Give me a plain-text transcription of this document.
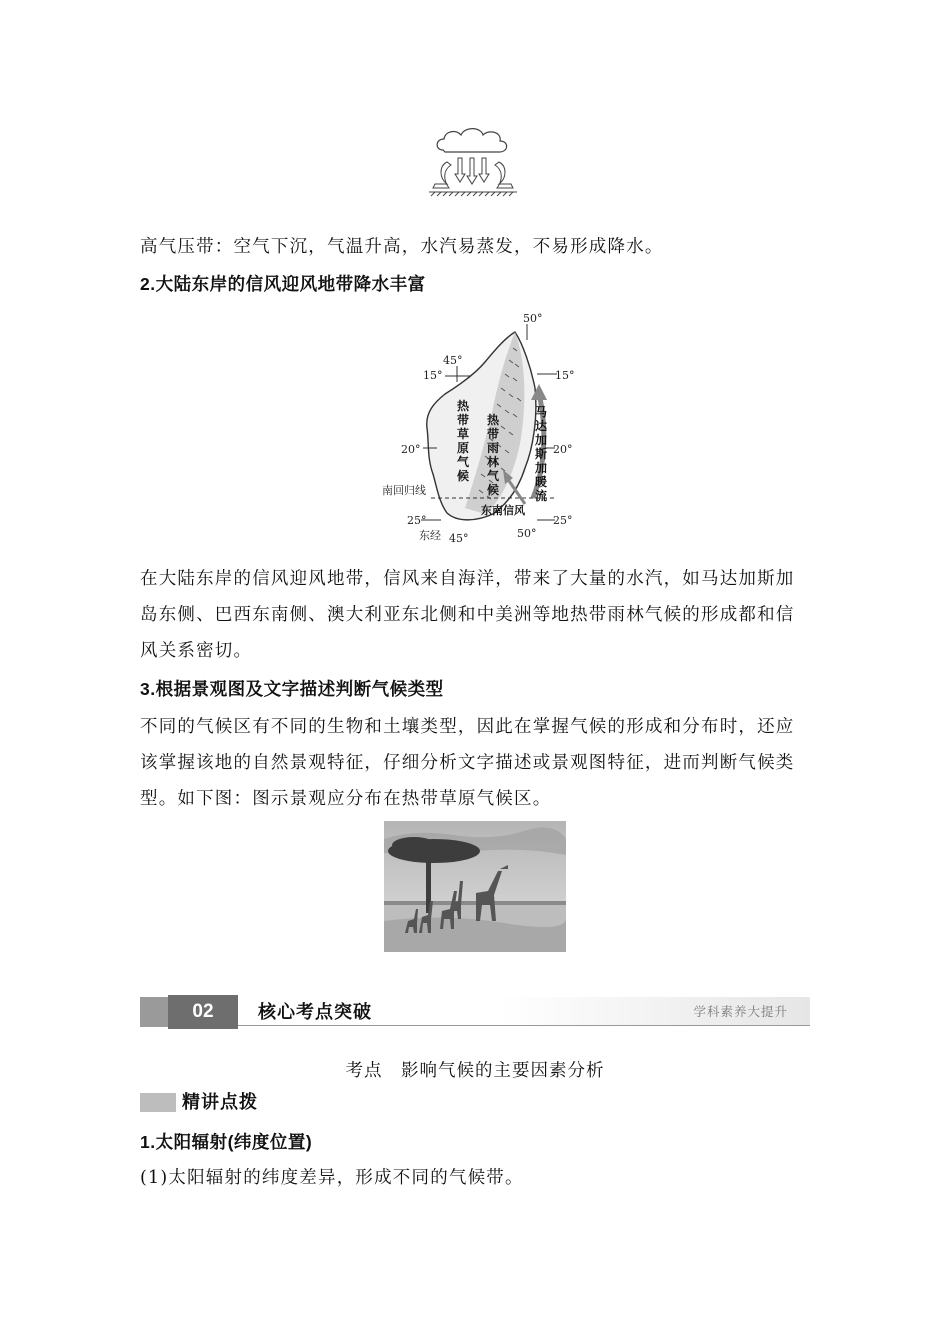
高气压带：空气下沉，气温升高，水汽易蒸发，不易形成降水。
2.大陆东岸的信风迎风地带降水丰富
50°
45°
15°	15°
20°	20°
南回归线
25°	25°
东经 45°	50°
热带草原气候
热带雨林气候
马达加斯加暖流
东南信风
在大陆东岸的信风迎风地带，信风来自海洋，带来了大量的水汽，如马达加斯加岛东侧、巴西东南侧、澳大利亚东北侧和中美洲等地热带雨林气候的形成都和信风关系密切。
3.根据景观图及文字描述判断气候类型
不同的气候区有不同的生物和土壤类型，因此在掌握气候的形成和分布时，还应该掌握该地的自然景观特征，仔细分析文字描述或景观图特征，进而判断气候类型。如下图：图示景观应分布在热带草原气候区。
02	核心考点突破	学科素养大提升
考点　影响气候的主要因素分析
精讲点拨
1.太阳辐射(纬度位置)
(1)太阳辐射的纬度差异，形成不同的气候带。
